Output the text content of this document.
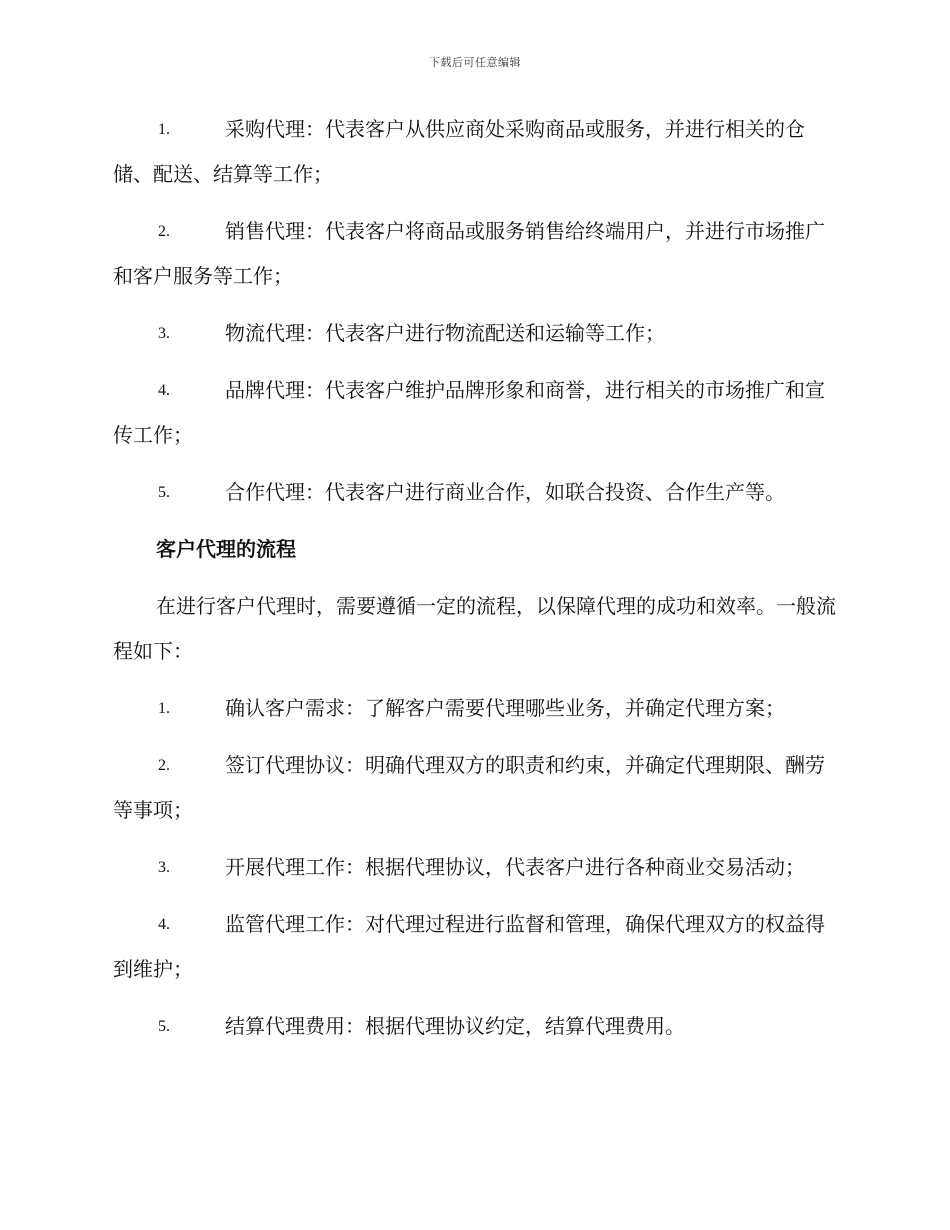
下载后可任意编辑
1.	采购代理：代表客户从供应商处采购商品或服务，并进行相关的仓储、配送、结算等工作；
2.	销售代理：代表客户将商品或服务销售给终端用户，并进行市场推广和客户服务等工作；
3.	物流代理：代表客户进行物流配送和运输等工作；
4.	品牌代理：代表客户维护品牌形象和商誉，进行相关的市场推广和宣传工作；
5.	合作代理：代表客户进行商业合作，如联合投资、合作生产等。
客户代理的流程
在进行客户代理时，需要遵循一定的流程，以保障代理的成功和效率。一般流程如下：
1.	确认客户需求：了解客户需要代理哪些业务，并确定代理方案；
2.	签订代理协议：明确代理双方的职责和约束，并确定代理期限、酬劳等事项；
3.	开展代理工作：根据代理协议，代表客户进行各种商业交易活动；
4.	监管代理工作：对代理过程进行监督和管理，确保代理双方的权益得到维护；
5.	结算代理费用：根据代理协议约定，结算代理费用。
